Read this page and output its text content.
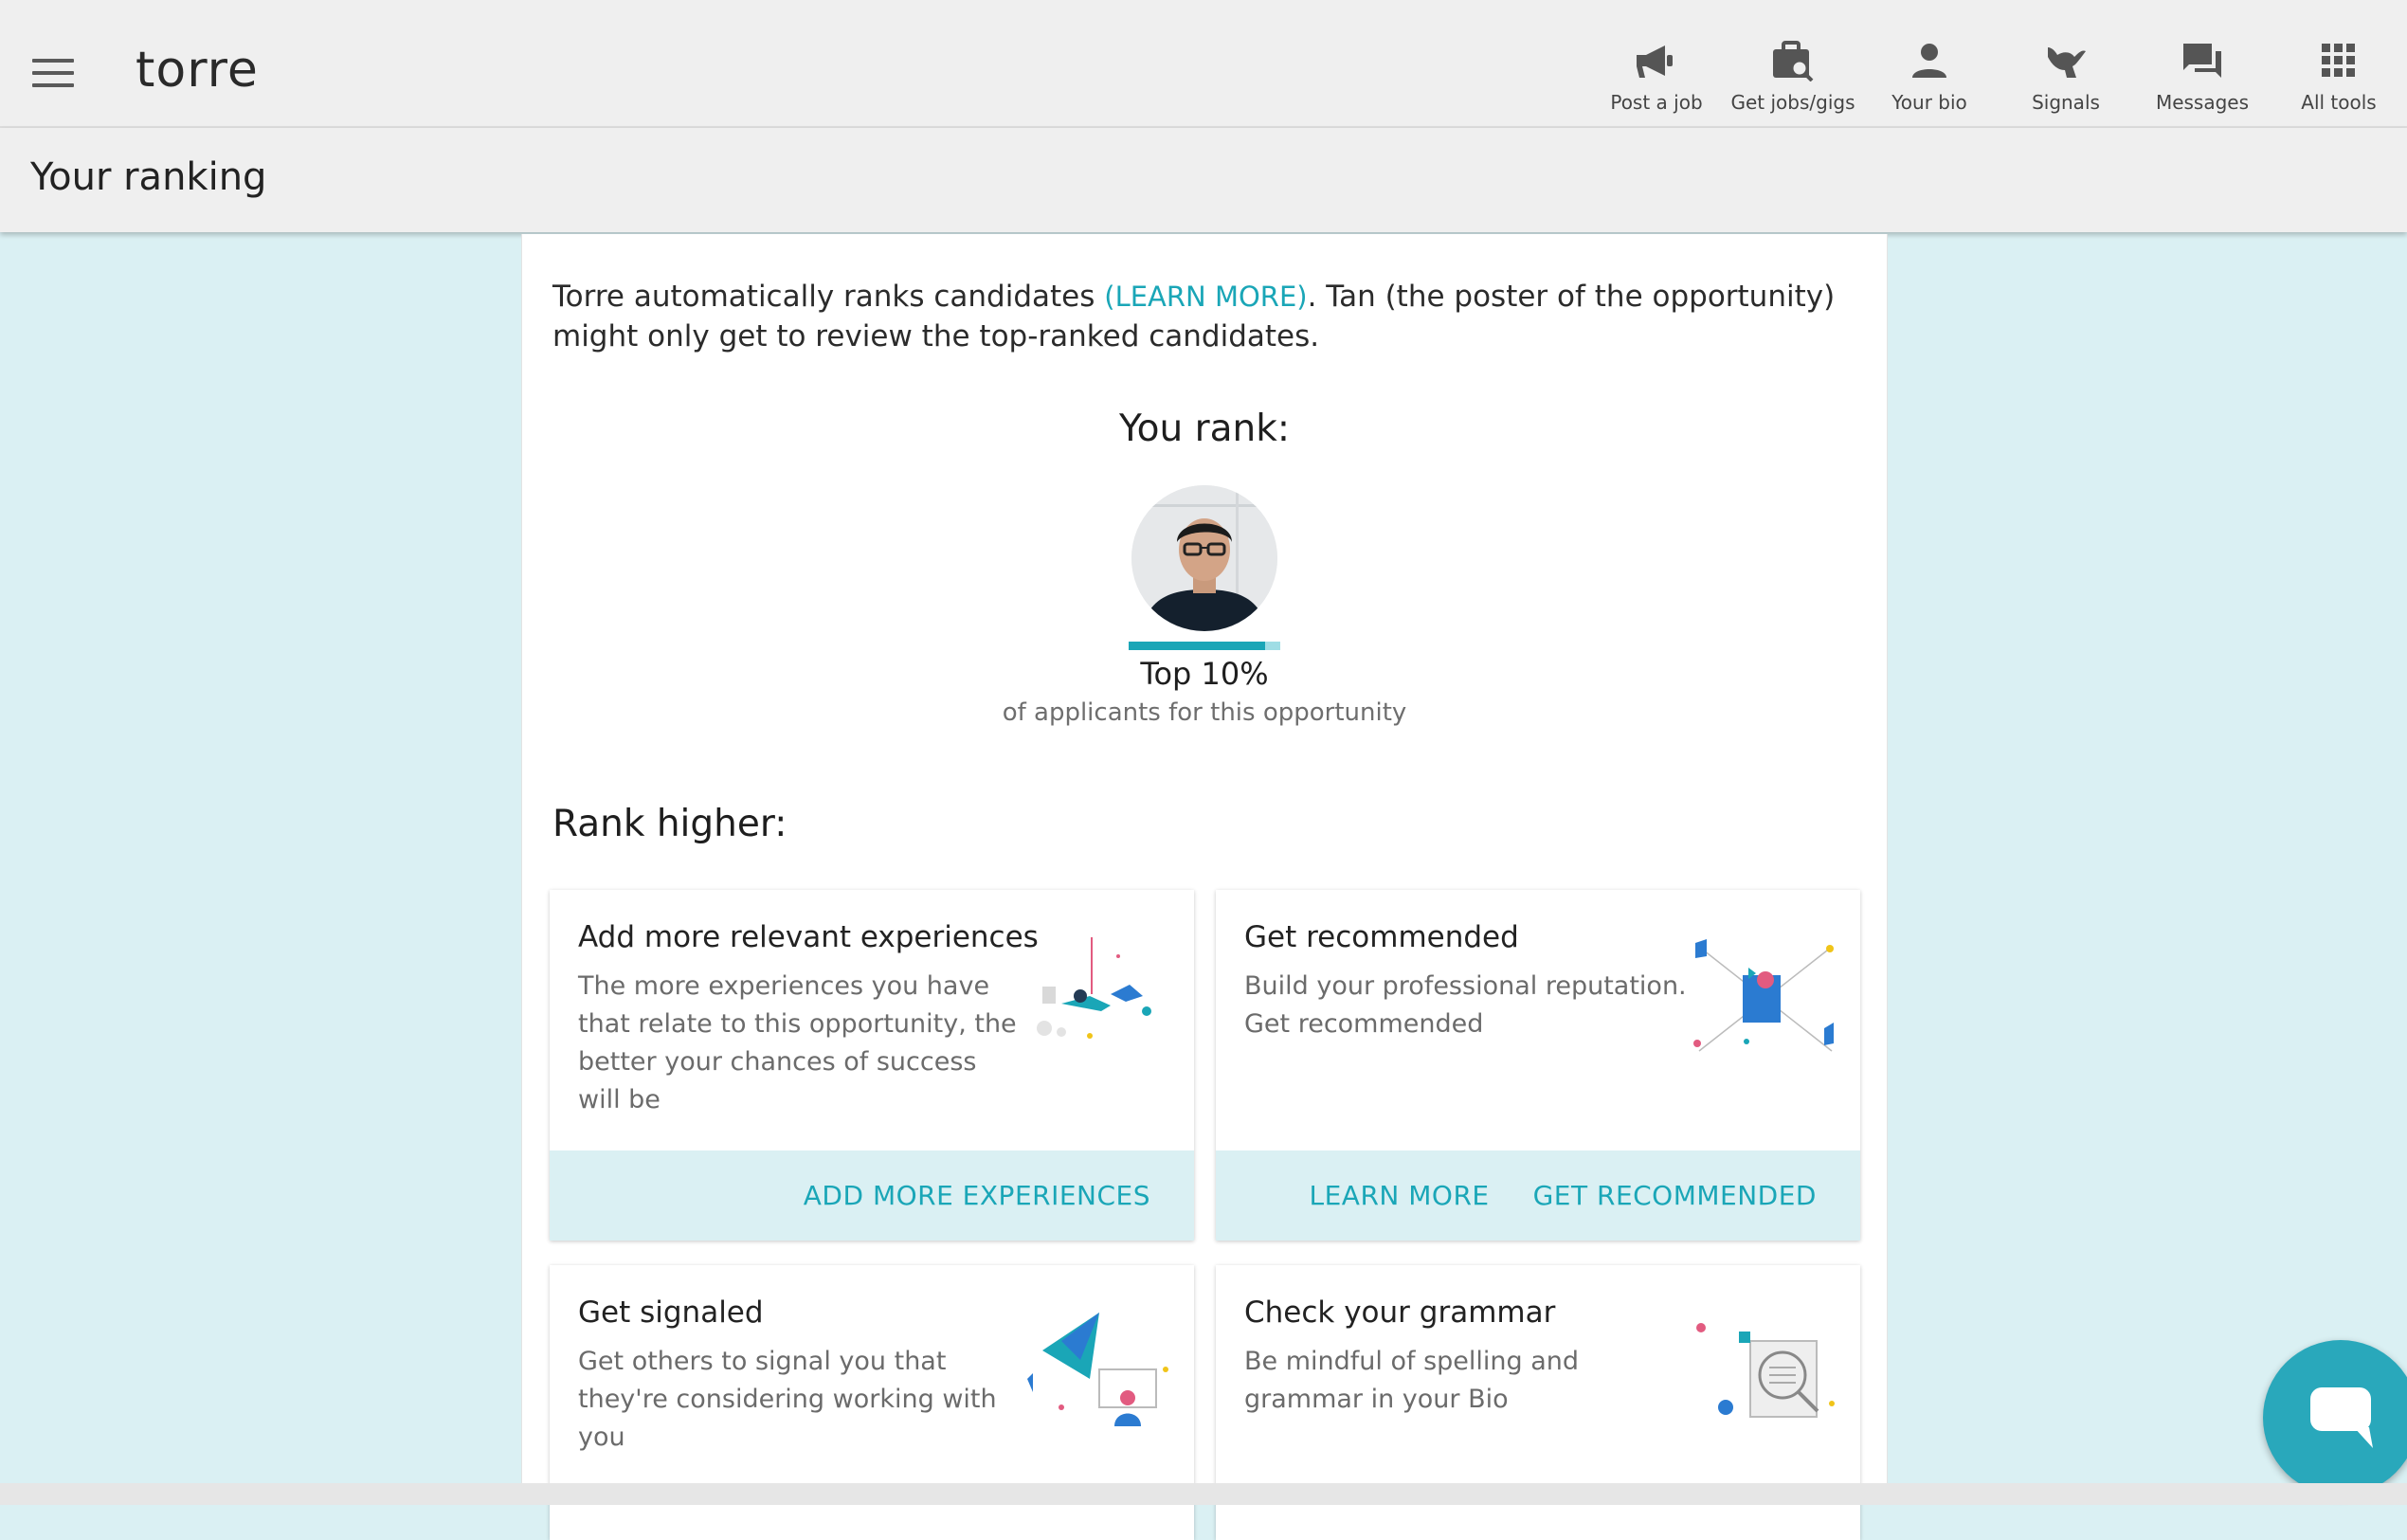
torre
Post a job Get jobs/gigs Your bio	Signals	Messages	All tools
Your ranking
Torre automatically ranks candidates (LEARN MORE). Tan (the poster of the opportunity) might only get to review the top-ranked candidates.
You rank:
Top 10%
of applicants for this opportunity
Rank higher:
Add more relevant experiences
The more experiences you have that relate to this opportunity, the better your chances of success will be
ADD MORE EXPERIENCES
Get recommended
Build your professional reputation. Get recommended
LEARN MORE GET RECOMMENDED
Get signaled
Get others to signal you that they're considering working with you
Check your grammar
Be mindful of spelling and grammar in your Bio
